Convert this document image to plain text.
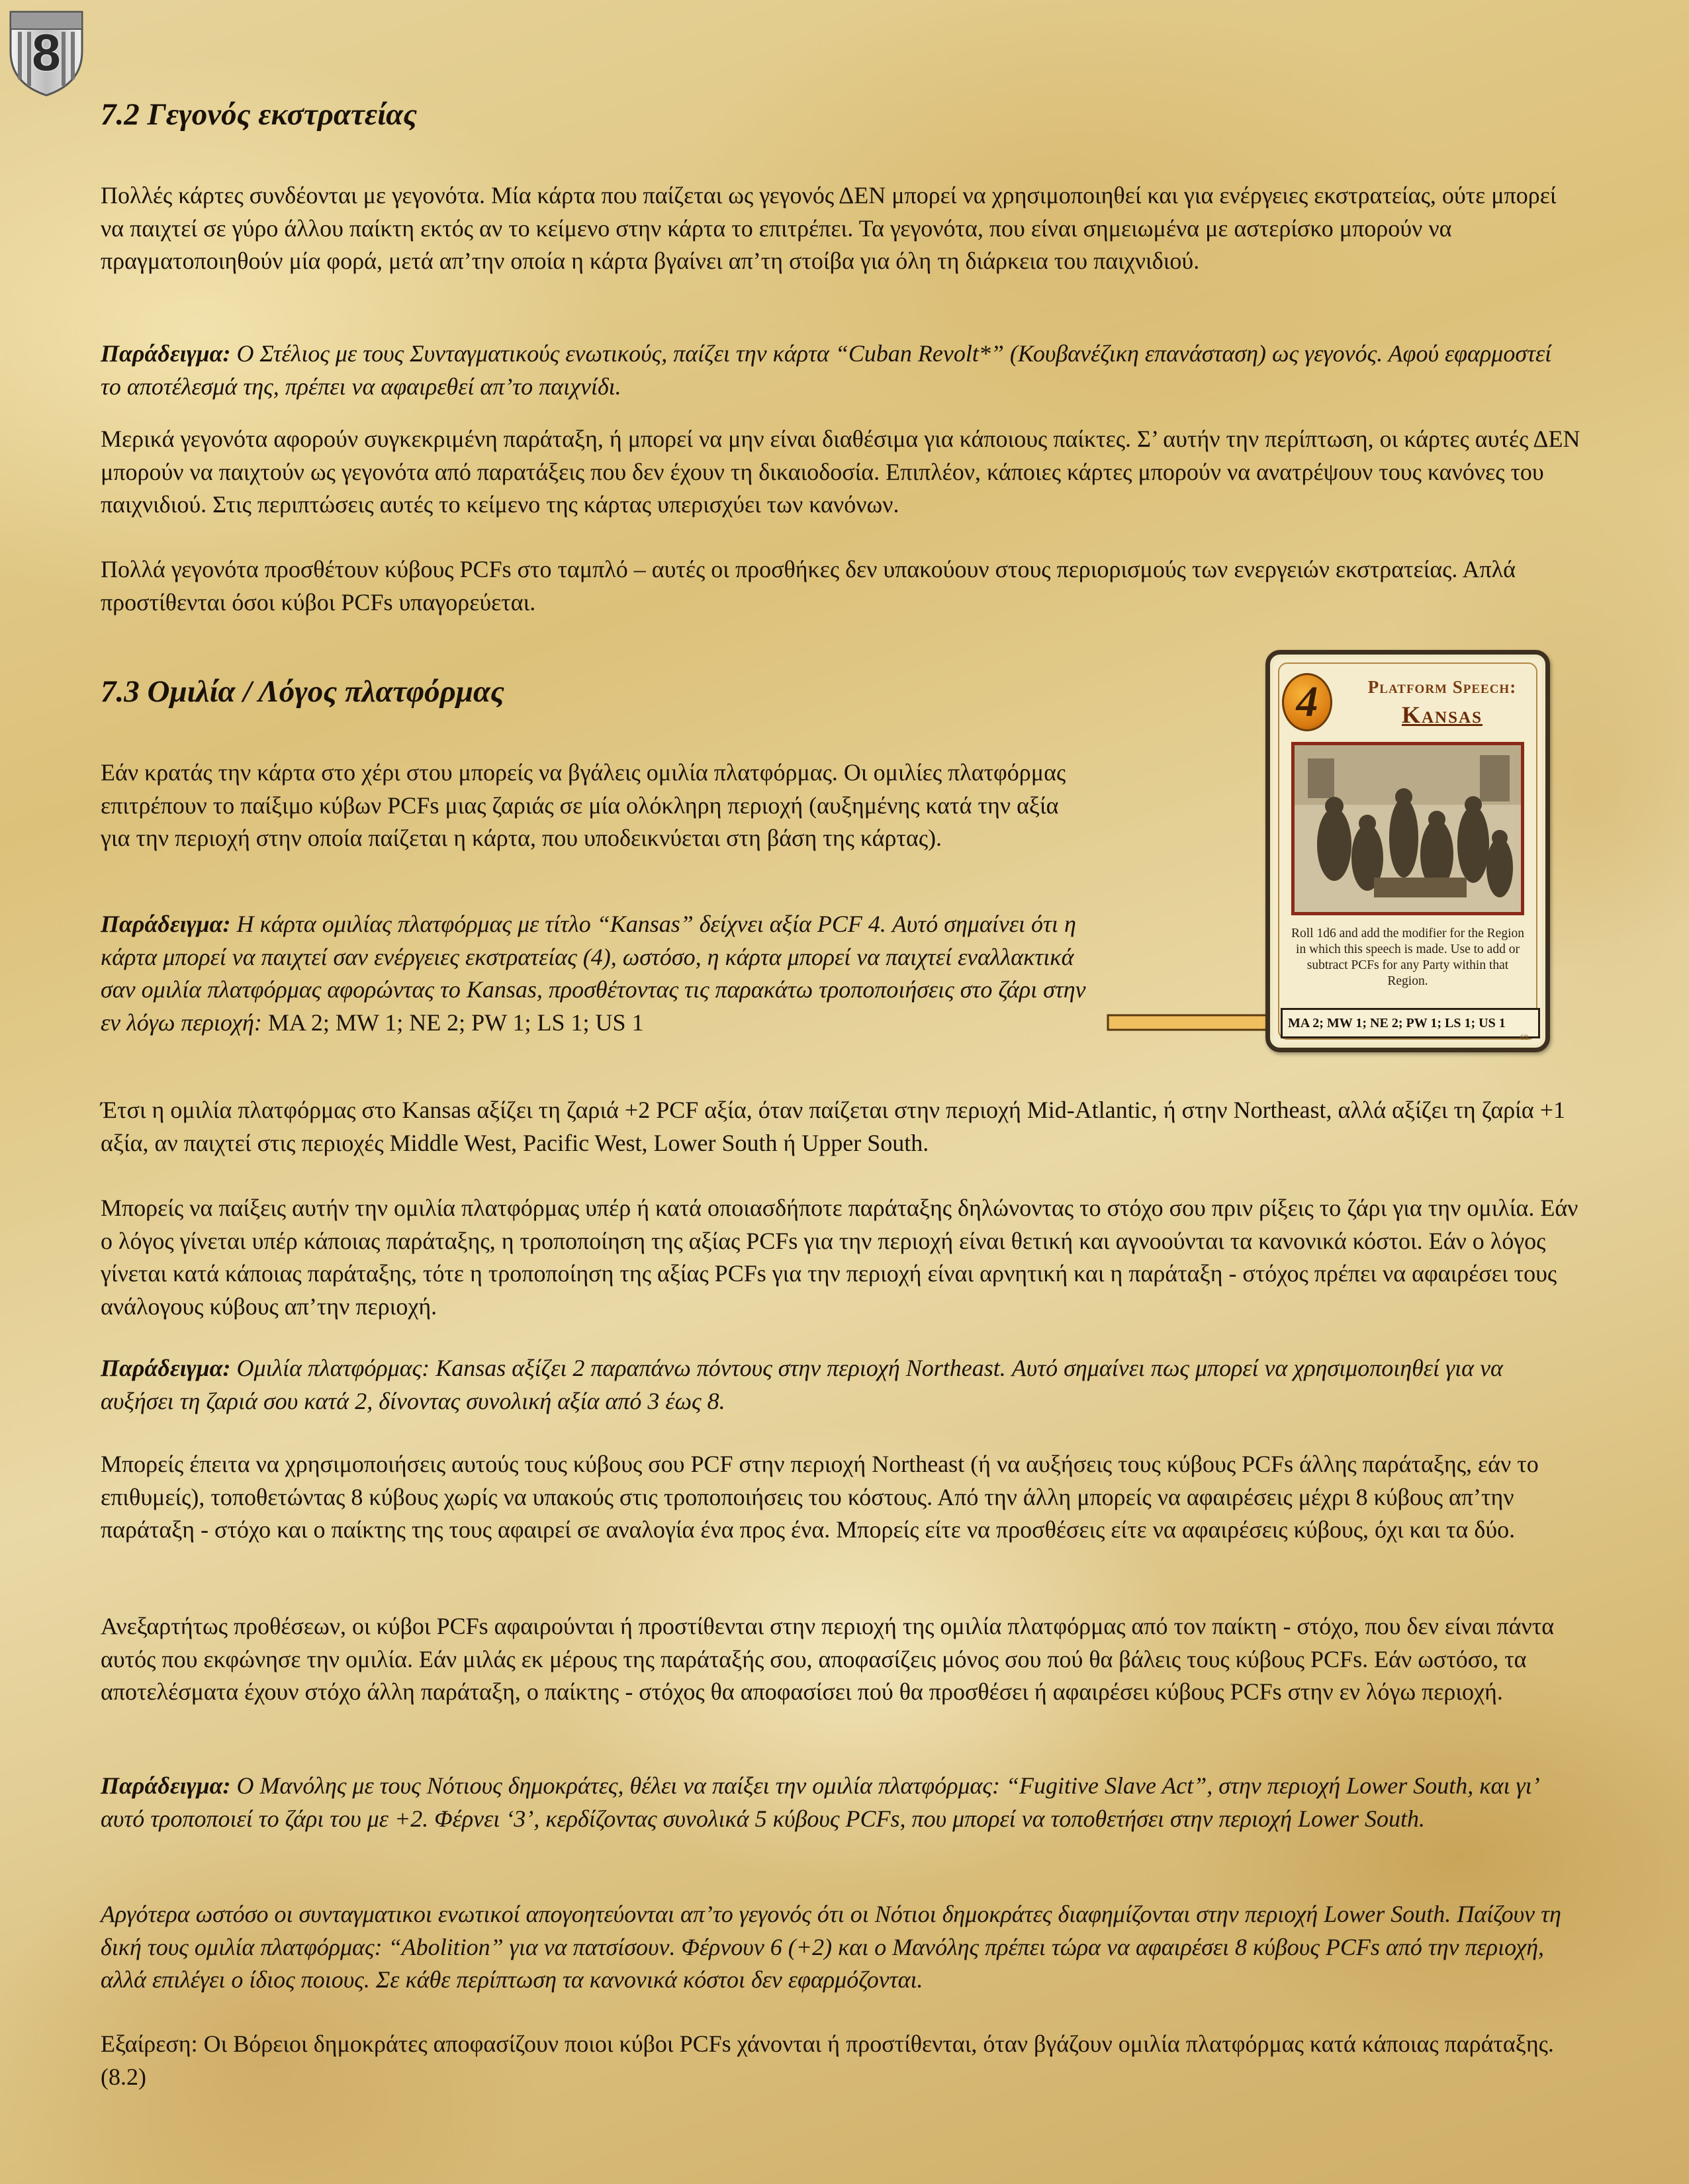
8
7.2 Γεγονός εκστρατείας

Πολλές κάρτες συνδέονται με γεγονότα. Μία κάρτα που παίζεται ως γεγονός ΔΕΝ μπορεί να χρησιμοποιηθεί και για ενέργειες εκστρατείας, ούτε μπορεί να παιχτεί σε γύρο άλλου παίκτη εκτός αν το κείμενο στην κάρτα το επιτρέπει. Τα γεγονότα, που είναι σημειωμένα με αστερίσκο μπορούν να πραγματοποιηθούν μία φορά, μετά απ’την οποία η κάρτα βγαίνει απ’τη στοίβα για όλη τη διάρκεια του παιχνιδιού.

Παράδειγμα: Ο Στέλιος με τους Συνταγματικούς ενωτικούς, παίζει την κάρτα “Cuban Revolt*” (Κουβανέζικη επανάσταση) ως γεγονός. Αφού εφαρμοστεί το αποτέλεσμά της, πρέπει να αφαιρεθεί απ’το παιχνίδι.

Μερικά γεγονότα αφορούν συγκεκριμένη παράταξη, ή μπορεί να μην είναι διαθέσιμα για κάποιους παίκτες. Σ’ αυτήν την περίπτωση, οι κάρτες αυτές ΔΕΝ μπορούν να παιχτούν ως γεγονότα από παρατάξεις που δεν έχουν τη δικαιοδοσία. Επιπλέον, κάποιες κάρτες μπορούν να ανατρέψουν τους κανόνες του παιχνιδιού. Στις περιπτώσεις αυτές το κείμενο της κάρτας υπερισχύει των κανόνων.

Πολλά γεγονότα προσθέτουν κύβους PCFs στο ταμπλό – αυτές οι προσθήκες δεν υπακούουν στους περιορισμούς των ενεργειών εκστρατείας. Απλά προστίθενται όσοι κύβοι PCFs υπαγορεύεται.

7.3 Ομιλία / Λόγος πλατφόρμας

Εάν κρατάς την κάρτα στο χέρι στου μπορείς να βγάλεις ομιλία πλατφόρμας. Οι ομιλίες πλατφόρμας επιτρέπουν το παίξιμο κύβων PCFs μιας ζαριάς σε μία ολόκληρη περιοχή (αυξημένης κατά την αξία για την περιοχή στην οποία παίζεται η κάρτα, που υποδεικνύεται στη βάση της κάρτας).

Παράδειγμα: Η κάρτα ομιλίας πλατφόρμας με τίτλο “Kansas” δείχνει αξία PCF 4. Αυτό σημαίνει ότι η κάρτα μπορεί να παιχτεί σαν ενέργειες εκστρατείας (4), ωστόσο, η κάρτα μπορεί να παιχτεί εναλλακτικά σαν ομιλία πλατφόρμας αφορώντας το Kansas, προσθέτοντας τις παρακάτω τροποποιήσεις στο ζάρι στην εν λόγω περιοχή: MA 2; MW 1; NE 2; PW 1; LS 1; US 1

Έτσι η ομιλία πλατφόρμας στο Kansas αξίζει τη ζαριά +2 PCF αξία, όταν παίζεται στην περιοχή Mid-Atlantic, ή στην Northeast, αλλά αξίζει τη ζαρία +1 αξία, αν παιχτεί στις περιοχές Middle West, Pacific West, Lower South ή Upper South.

Μπορείς να παίξεις αυτήν την ομιλία πλατφόρμας υπέρ ή κατά οποιασδήποτε παράταξης δηλώνοντας το στόχο σου πριν ρίξεις το ζάρι για την ομιλία. Εάν ο λόγος γίνεται υπέρ κάποιας παράταξης, η τροποποίηση της αξίας PCFs για την περιοχή είναι θετική και αγνοούνται τα κανονικά κόστοι. Εάν ο λόγος γίνεται κατά κάποιας παράταξης, τότε η τροποποίηση της αξίας PCFs για την περιοχή είναι αρνητική και η παράταξη - στόχος πρέπει να αφαιρέσει τους ανάλογους κύβους απ’την περιοχή.

Παράδειγμα: Ομιλία πλατφόρμας: Kansas αξίζει 2 παραπάνω πόντους στην περιοχή Northeast. Αυτό σημαίνει πως μπορεί να χρησιμοποιηθεί για να αυξήσει τη ζαριά σου κατά 2, δίνοντας συνολική αξία από 3 έως 8.

Μπορείς έπειτα να χρησιμοποιήσεις αυτούς τους κύβους σου PCF στην περιοχή Northeast (ή να αυξήσεις τους κύβους PCFs άλλης παράταξης, εάν το επιθυμείς), τοποθετώντας 8 κύβους χωρίς να υπακούς στις τροποποιήσεις του κόστους. Από την άλλη μπορείς να αφαιρέσεις μέχρι 8 κύβους απ’την παράταξη - στόχο και ο παίκτης της τους αφαιρεί σε αναλογία ένα προς ένα. Μπορείς είτε να προσθέσεις είτε να αφαιρέσεις κύβους, όχι και τα δύο.

Ανεξαρτήτως προθέσεων, οι κύβοι PCFs αφαιρούνται ή προστίθενται στην περιοχή της ομιλία πλατφόρμας από τον παίκτη - στόχο, που δεν είναι πάντα αυτός που εκφώνησε την ομιλία. Εάν μιλάς εκ μέρους της παράταξής σου, αποφασίζεις μόνος σου πού θα βάλεις τους κύβους PCFs. Εάν ωστόσο, τα αποτελέσματα έχουν στόχο άλλη παράταξη, ο παίκτης - στόχος θα αποφασίσει πού θα προσθέσει ή αφαιρέσει κύβους PCFs στην εν λόγω περιοχή.

Παράδειγμα: Ο Μανόλης με τους Νότιους δημοκράτες, θέλει να παίξει την ομιλία πλατφόρμας: “Fugitive Slave Act”, στην περιοχή Lower South, και γι’ αυτό τροποποιεί το ζάρι του με +2. Φέρνει ‘3’, κερδίζοντας συνολικά 5 κύβους PCFs, που μπορεί να τοποθετήσει στην περιοχή Lower South.

Αργότερα ωστόσο οι συνταγματικοι ενωτικοί απογοητεύονται απ’το γεγονός ότι οι Νότιοι δημοκράτες διαφημίζονται στην περιοχή Lower South. Παίζουν τη δική τους ομιλία πλατφόρμας: “Abolition” για να πατσίσουν. Φέρνουν 6 (+2) και ο Μανόλης πρέπει τώρα να αφαιρέσει 8 κύβους PCFs από την περιοχή, αλλά επιλέγει ο ίδιος ποιους. Σε κάθε περίπτωση τα κανονικά κόστοι δεν εφαρμόζονται.

Εξαίρεση: Οι Βόρειοι δημοκράτες αποφασίζουν ποιοι κύβοι PCFs χάνονται ή προστίθενται, όταν βγάζουν ομιλία πλατφόρμας κατά κάποιας παράταξης. (8.2)

4	Platform Speech:
Kansas
Roll 1d6 and add the modifier for the Region in which this speech is made. Use to add or subtract PCFs for any Party within that Region.
MA 2; MW 1; NE 2; PW 1; LS 1; US 1
69
